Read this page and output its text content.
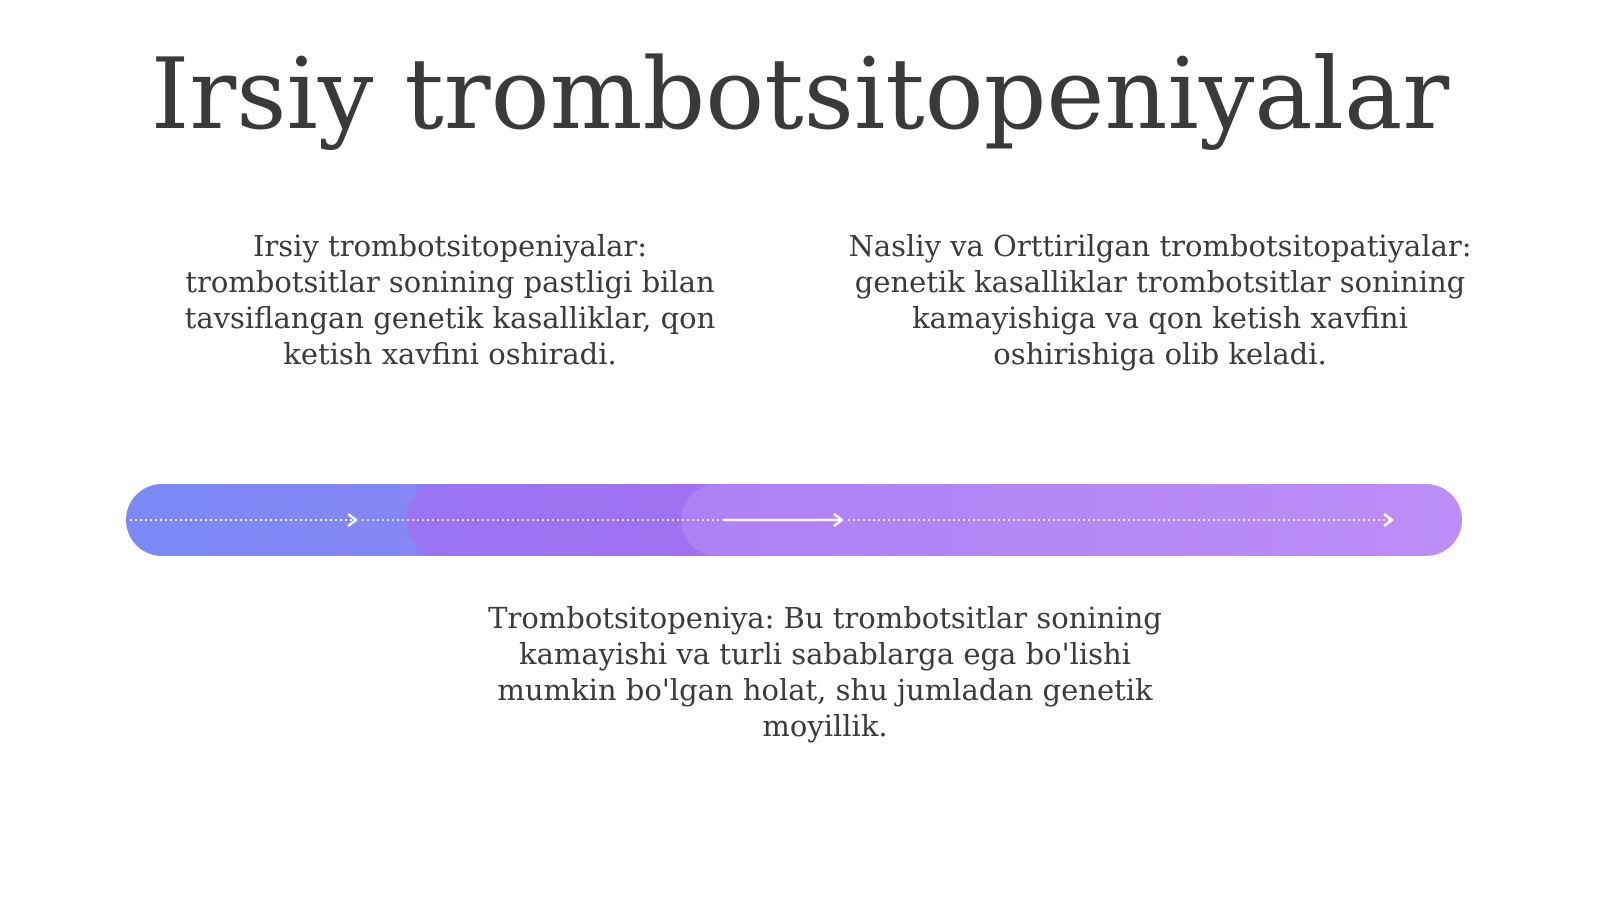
Irsiy trombotsitopeniyalar
Irsiy trombotsitopeniyalar: trombotsitlar sonining pastligi bilan tavsiflangan genetik kasalliklar, qon ketish xavfini oshiradi.
Nasliy va Orttirilgan trombotsitopatiyalar: genetik kasalliklar trombotsitlar sonining kamayishiga va qon ketish xavfini oshirishiga olib keladi.
Trombotsitopeniya: Bu trombotsitlar sonining kamayishi va turli sabablarga ega bo'lishi mumkin bo'lgan holat, shu jumladan genetik moyillik.
